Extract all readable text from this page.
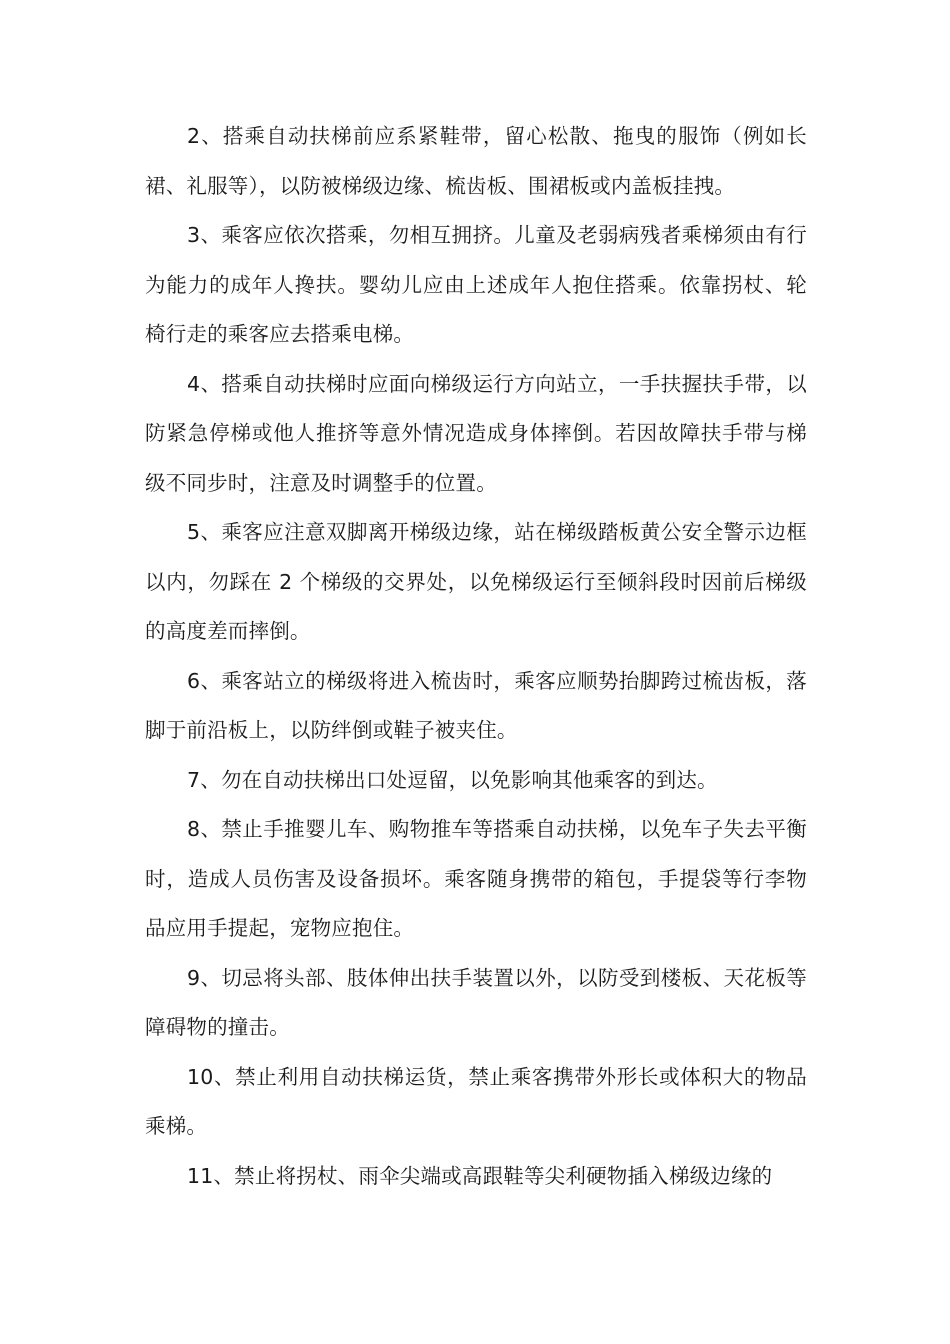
2、搭乘自动扶梯前应系紧鞋带，留心松散、拖曳的服饰（例如长裙、礼服等），以防被梯级边缘、梳齿板、围裙板或内盖板挂拽。

3、乘客应依次搭乘，勿相互拥挤。儿童及老弱病残者乘梯须由有行为能力的成年人搀扶。婴幼儿应由上述成年人抱住搭乘。依靠拐杖、轮椅行走的乘客应去搭乘电梯。

4、搭乘自动扶梯时应面向梯级运行方向站立，一手扶握扶手带，以防紧急停梯或他人推挤等意外情况造成身体摔倒。若因故障扶手带与梯级不同步时，注意及时调整手的位置。

5、乘客应注意双脚离开梯级边缘，站在梯级踏板黄公安全警示边框以内，勿踩在 2 个梯级的交界处，以免梯级运行至倾斜段时因前后梯级的高度差而摔倒。

6、乘客站立的梯级将进入梳齿时，乘客应顺势抬脚跨过梳齿板，落脚于前沿板上，以防绊倒或鞋子被夹住。

7、勿在自动扶梯出口处逗留，以免影响其他乘客的到达。

8、禁止手推婴儿车、购物推车等搭乘自动扶梯，以免车子失去平衡时，造成人员伤害及设备损坏。乘客随身携带的箱包，手提袋等行李物品应用手提起，宠物应抱住。

9、切忌将头部、肢体伸出扶手装置以外，以防受到楼板、天花板等障碍物的撞击。

10、禁止利用自动扶梯运货，禁止乘客携带外形长或体积大的物品乘梯。

11、禁止将拐杖、雨伞尖端或高跟鞋等尖利硬物插入梯级边缘的
